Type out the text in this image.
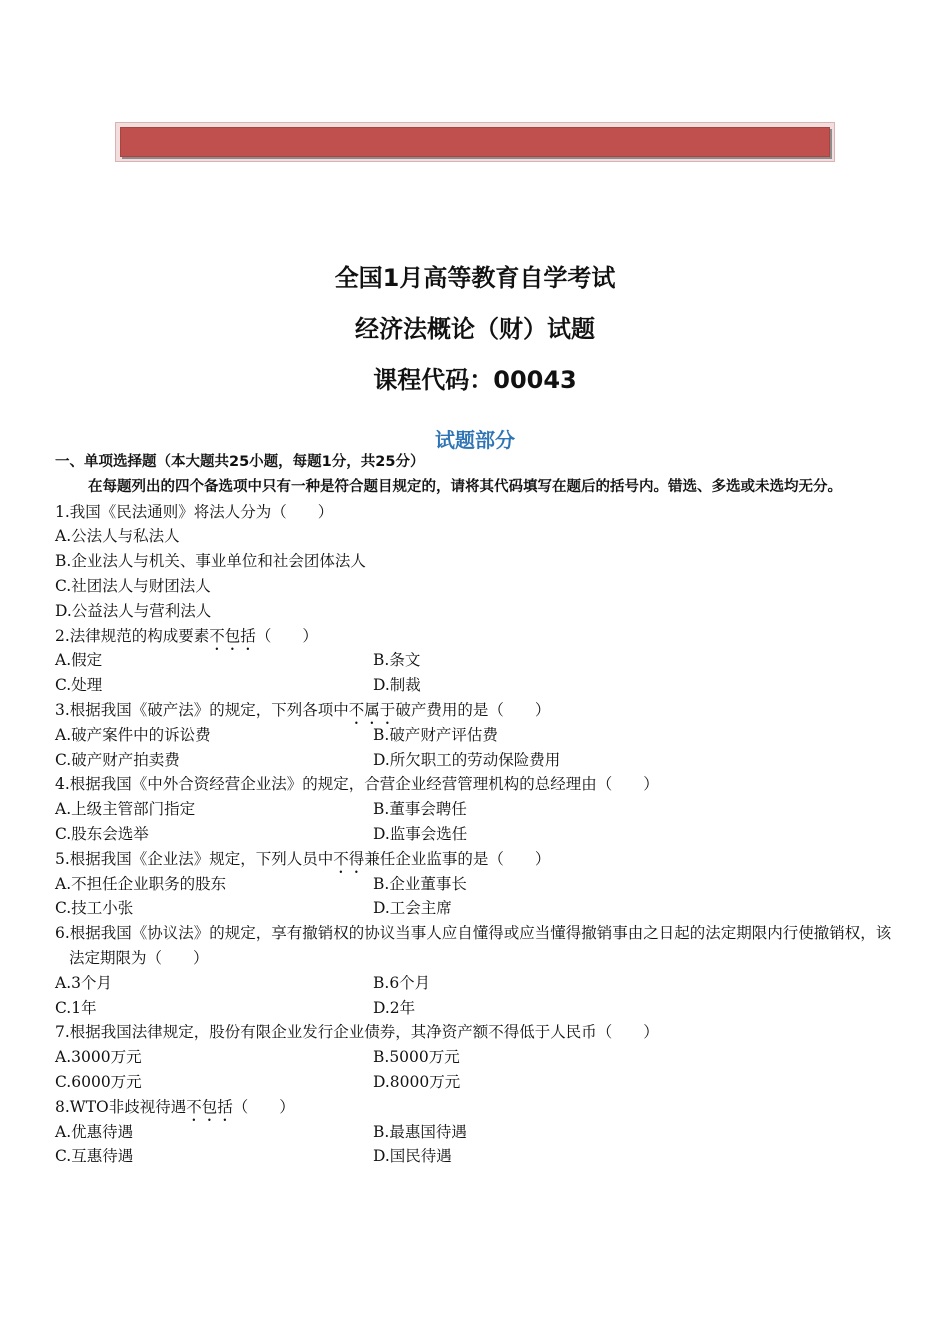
全国1月高等教育自学考试
经济法概论（财）试题
课程代码：00043
试题部分
一、单项选择题（本大题共25小题，每题1分，共25分）
在每题列出的四个备选项中只有一种是符合题目规定的，请将其代码填写在题后的括号内。错选、多选或未选均无分。
1.我国《民法通则》将法人分为（　　）
A.公法人与私法人
B.企业法人与机关、事业单位和社会团体法人
C.社团法人与财团法人
D.公益法人与营利法人
2.法律规范的构成要素不包括（　　）
A.假定	B.条文
C.处理	D.制裁
3.根据我国《破产法》的规定，下列各项中不属于破产费用的是（　　）
A.破产案件中的诉讼费	B.破产财产评估费
C.破产财产拍卖费	D.所欠职工的劳动保险费用
4.根据我国《中外合资经营企业法》的规定，合营企业经营管理机构的总经理由（　　）
A.上级主管部门指定	B.董事会聘任
C.股东会选举	D.监事会选任
5.根据我国《企业法》规定，下列人员中不得兼任企业监事的是（　　）
A.不担任企业职务的股东	B.企业董事长
C.技工小张	D.工会主席
6.根据我国《协议法》的规定，享有撤销权的协议当事人应自懂得或应当懂得撤销事由之日起的法定期限内行使撤销权，该法定期限为（　　）
A.3个月	B.6个月
C.1年	D.2年
7.根据我国法律规定，股份有限企业发行企业债券，其净资产额不得低于人民币（　　）
A.3000万元	B.5000万元
C.6000万元	D.8000万元
8.WTO非歧视待遇不包括（　　）
A.优惠待遇	B.最惠国待遇
C.互惠待遇	D.国民待遇
